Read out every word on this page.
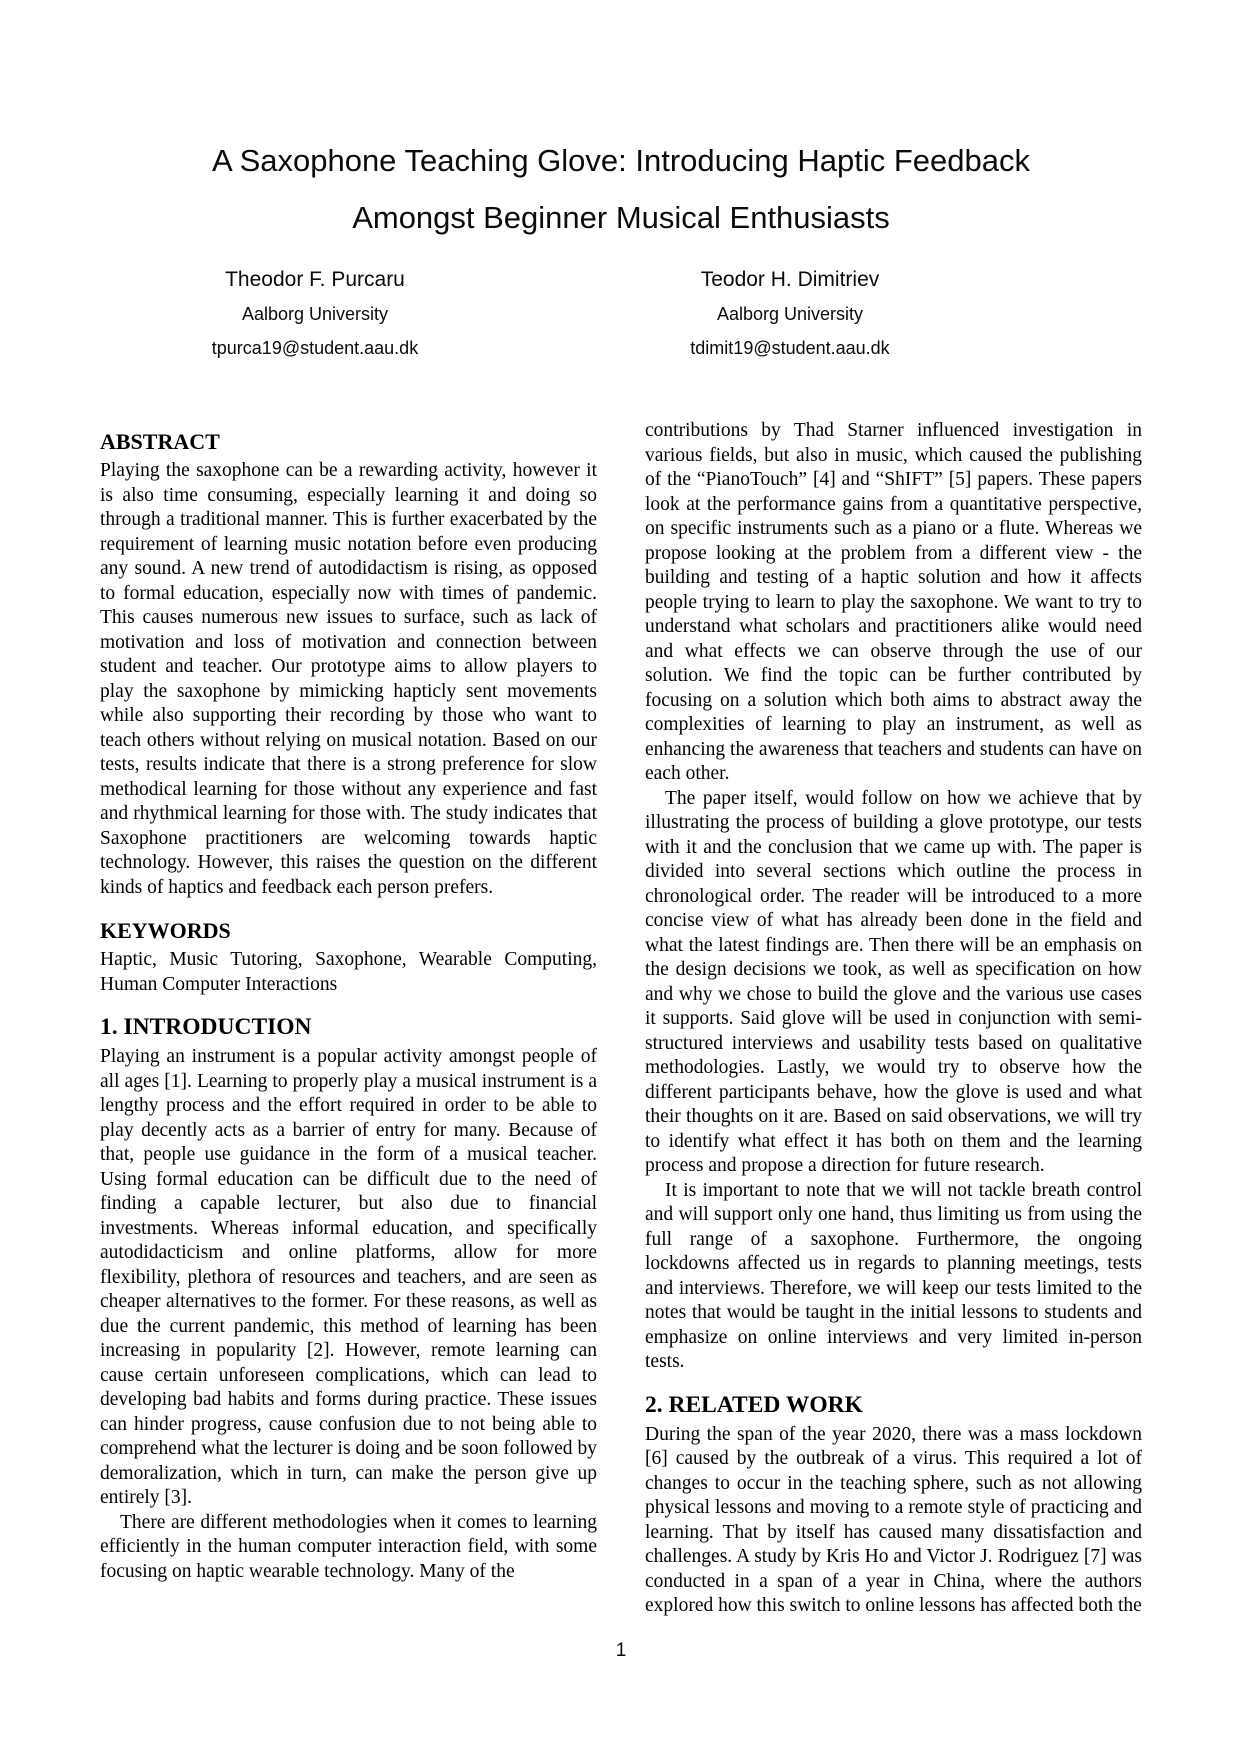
A Saxophone Teaching Glove: Introducing Haptic Feedback
Amongst Beginner Musical Enthusiasts
Theodor F. Purcaru
Aalborg University
tpurca19@student.aau.dk
Teodor H. Dimitriev
Aalborg University
tdimit19@student.aau.dk
ABSTRACT

Playing the saxophone can be a rewarding activity, however it is also time consuming, especially learning it and doing so through a traditional manner. This is further exacerbated by the requirement of learning music notation before even producing any sound. A new trend of autodidactism is rising, as opposed to formal education, especially now with times of pandemic. This causes numerous new issues to surface, such as lack of motivation and loss of motivation and connection between student and teacher. Our prototype aims to allow players to play the saxophone by mimicking hapticly sent movements while also supporting their recording by those who want to teach others without relying on musical notation. Based on our tests, results indicate that there is a strong preference for slow methodical learning for those without any experience and fast and rhythmical learning for those with. The study indicates that Saxophone practitioners are welcoming towards haptic technology. However, this raises the question on the different kinds of haptics and feedback each person prefers.

KEYWORDS

Haptic, Music Tutoring, Saxophone, Wearable Computing, Human Computer Interactions

1. INTRODUCTION

Playing an instrument is a popular activity amongst people of all ages [1]. Learning to properly play a musical instrument is a lengthy process and the effort required in order to be able to play decently acts as a barrier of entry for many. Because of that, people use guidance in the form of a musical teacher. Using formal education can be difficult due to the need of finding a capable lecturer, but also due to financial investments. Whereas informal education, and specifically autodidacticism and online platforms, allow for more flexibility, plethora of resources and teachers, and are seen as cheaper alternatives to the former. For these reasons, as well as due the current pandemic, this method of learning has been increasing in popularity [2]. However, remote learning can cause certain unforeseen complications, which can lead to developing bad habits and forms during practice. These issues can hinder progress, cause confusion due to not being able to comprehend what the lecturer is doing and be soon followed by demoralization, which in turn, can make the person give up entirely [3].

There are different methodologies when it comes to learning efficiently in the human computer interaction field, with some focusing on haptic wearable technology. Many of the

contributions by Thad Starner influenced investigation in various fields, but also in music, which caused the publishing of the “PianoTouch” [4] and “ShIFT” [5] papers. These papers look at the performance gains from a quantitative perspective, on specific instruments such as a piano or a flute. Whereas we propose looking at the problem from a different view - the building and testing of a haptic solution and how it affects people trying to learn to play the saxophone. We want to try to understand what scholars and practitioners alike would need and what effects we can observe through the use of our solution. We find the topic can be further contributed by focusing on a solution which both aims to abstract away the complexities of learning to play an instrument, as well as enhancing the awareness that teachers and students can have on each other.

The paper itself, would follow on how we achieve that by illustrating the process of building a glove prototype, our tests with it and the conclusion that we came up with. The paper is divided into several sections which outline the process in chronological order. The reader will be introduced to a more concise view of what has already been done in the field and what the latest findings are. Then there will be an emphasis on the design decisions we took, as well as specification on how and why we chose to build the glove and the various use cases it supports. Said glove will be used in conjunction with semi-structured interviews and usability tests based on qualitative methodologies. Lastly, we would try to observe how the different participants behave, how the glove is used and what their thoughts on it are. Based on said observations, we will try to identify what effect it has both on them and the learning process and propose a direction for future research.

It is important to note that we will not tackle breath control and will support only one hand, thus limiting us from using the full range of a saxophone. Furthermore, the ongoing lockdowns affected us in regards to planning meetings, tests and interviews. Therefore, we will keep our tests limited to the notes that would be taught in the initial lessons to students and emphasize on online interviews and very limited in-person tests.

2. RELATED WORK

During the span of the year 2020, there was a mass lockdown [6] caused by the outbreak of a virus. This required a lot of changes to occur in the teaching sphere, such as not allowing physical lessons and moving to a remote style of practicing and learning. That by itself has caused many dissatisfaction and challenges. A study by Kris Ho and Victor J. Rodriguez [7] was conducted in a span of a year in China, where the authors explored how this switch to online lessons has affected both the

1
